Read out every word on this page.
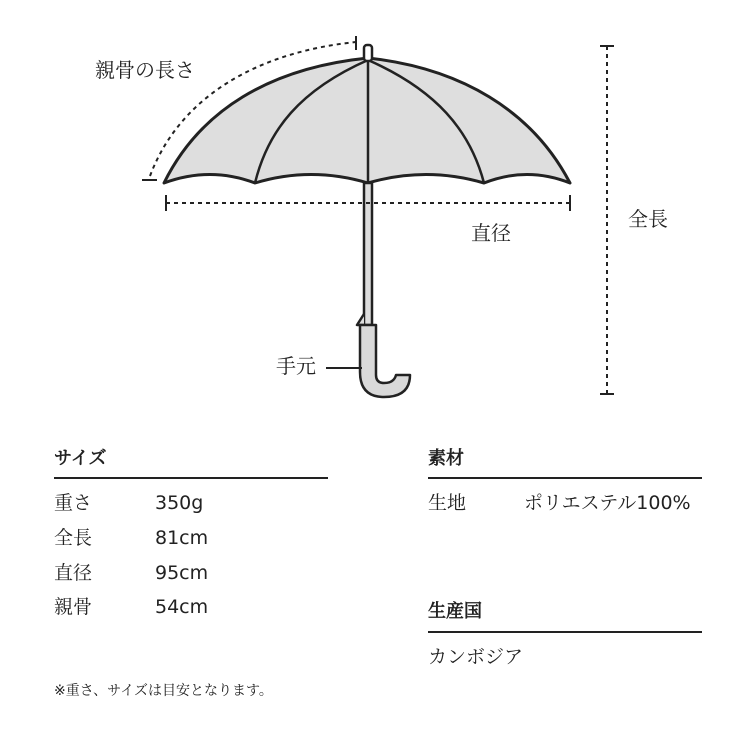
親骨の長さ
全長
直径
手元
サイズ
重さ	350g
全長	81cm
直径	95cm
親骨	54cm
素材
生地	ポリエステル100%
生産国
カンボジア
※重さ、サイズは目安となります。
